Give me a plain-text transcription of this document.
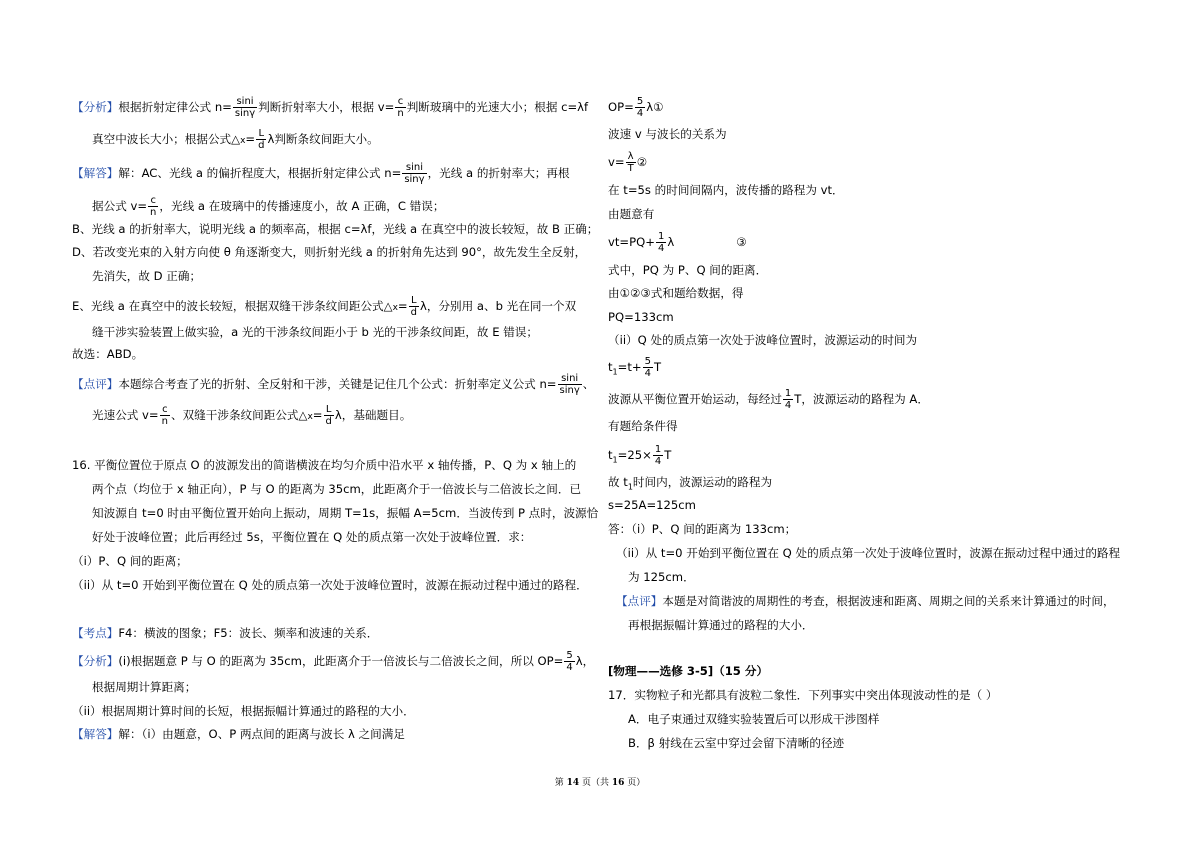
【分析】根据折射定律公式 $n= \frac{\sin i}{\sin\gamma}$ 判断折射率大小，根据 $v= \frac{c}{n}$ 判断玻璃中的光速大小；根据 c=λf
真空中波长大小；根据公式△x= $\frac{L}{d}$ λ判断条纹间距大小。
【解答】解：AC、光线 a 的偏折程度大，根据折射定律公式 $n= \frac{\sin i}{\sin\gamma}$ ，光线 a 的折射率大；再根
据公式 $v= \frac{c}{n}$ ，光线 a 在玻璃中的传播速度小，故 A 正确，C 错误；
B、光线 a 的折射率大，说明光线 a 的频率高，根据 c=λf，光线 a 在真空中的波长较短，故 B 正确；
D、若改变光束的入射方向使 θ 角逐渐变大，则折射光线 a 的折射角先达到 90°，故先发生全反射，
先消失，故 D 正确；
E、光线 a 在真空中的波长较短，根据双缝干涉条纹间距公式△x= $\frac{L}{d}$ λ，分别用 a、b 光在同一个双
缝干涉实验装置上做实验，a 光的干涉条纹间距小于 b 光的干涉条纹间距，故 E 错误；
故选：ABD。
【点评】本题综合考查了光的折射、全反射和干涉，关键是记住几个公式：折射率定义公式 $n= \frac{\sin i}{\sin\gamma}$ 、
光速公式 $v= \frac{c}{n}$ 、双缝干涉条纹间距公式△x= $\frac{L}{d}$ λ，基础题目。
16. 平衡位置位于原点 O 的波源发出的简谐横波在均匀介质中沿水平 x 轴传播，P、Q 为 x 轴上的
两个点（均位于 x 轴正向），P 与 O 的距离为 35cm，此距离介于一倍波长与二倍波长之间．已
知波源自 t=0 时由平衡位置开始向上振动，周期 T=1s，振幅 A=5cm．当波传到 P 点时，波源恰
好处于波峰位置；此后再经过 5s，平衡位置在 Q 处的质点第一次处于波峰位置．求：
（i）P、Q 间的距离；
（ii）从 t=0 开始到平衡位置在 Q 处的质点第一次处于波峰位置时，波源在振动过程中通过的路程．
【考点】F4：横波的图象；F5：波长、频率和波速的关系．
【分析】(i)根据题意 P 与 O 的距离为 35cm，此距离介于一倍波长与二倍波长之间，所以 $OP= \frac{5}{4}$ λ，
根据周期计算距离；
（ii）根据周期计算时间的长短，根据振幅计算通过的路程的大小．
【解答】解：（i）由题意，O、P 两点间的距离与波长 λ 之间满足
$OP= \frac{5}{4}$ λ①
波速 v 与波长的关系为
$v= \frac{\lambda}{T}$ ②
在 t=5s 的时间间隔内，波传播的路程为 vt．
由题意有
$vt=PQ+ \frac{1}{4}$ λ	③
式中，PQ 为 P、Q 间的距离．
由①②③式和题给数据，得
PQ=133cm
（ii）Q 处的质点第一次处于波峰位置时，波源运动的时间为
$t_1=t+ \frac{5}{4}$ T
波源从平衡位置开始运动，每经过 $\frac{1}{4}$ T，波源运动的路程为 A．
有题给条件得
$t_1=25\times \frac{1}{4}$ T
故 $t_1$时间内，波源运动的路程为
s=25A=125cm
答：（i）P、Q 间的距离为 133cm；
（ii）从 t=0 开始到平衡位置在 Q 处的质点第一次处于波峰位置时，波源在振动过程中通过的路程
为 125cm．
【点评】本题是对简谐波的周期性的考查，根据波速和距离、周期之间的关系来计算通过的时间，
再根据振幅计算通过的路程的大小．
[物理——选修 3-5]（15 分）
17．实物粒子和光都具有波粒二象性．下列事实中突出体现波动性的是（ ）
A．电子束通过双缝实验装置后可以形成干涉图样
B．β 射线在云室中穿过会留下清晰的径迹
第 14 页（共 16 页）
